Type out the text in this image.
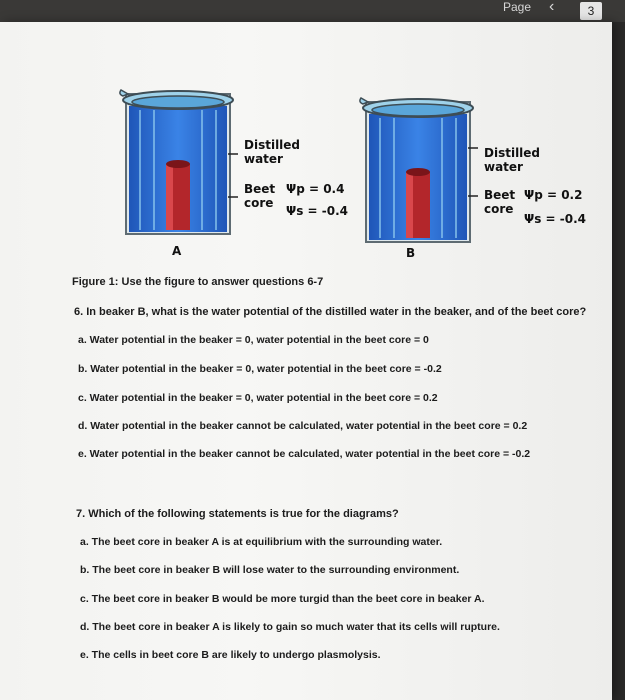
Page ‹	3
Distilled
water
Beet
core
Ψp = 0.4
Ψs = -0.4
A
Distilled
water
Beet
core
Ψp = 0.2
Ψs = -0.4
B
Figure 1: Use the figure to answer questions 6-7
6. In beaker B, what is the water potential of the distilled water in the beaker, and of the beet core?
a. Water potential in the beaker = 0, water potential in the beet core = 0
b. Water potential in the beaker = 0, water potential in the beet core = -0.2
c. Water potential in the beaker = 0, water potential in the beet core = 0.2
d. Water potential in the beaker cannot be calculated, water potential in the beet core = 0.2
e. Water potential in the beaker cannot be calculated, water potential in the beet core = -0.2
7. Which of the following statements is true for the diagrams?
a. The beet core in beaker A is at equilibrium with the surrounding water.
b. The beet core in beaker B will lose water to the surrounding environment.
c. The beet core in beaker B would be more turgid than the beet core in beaker A.
d. The beet core in beaker A is likely to gain so much water that its cells will rupture.
e. The cells in beet core B are likely to undergo plasmolysis.
